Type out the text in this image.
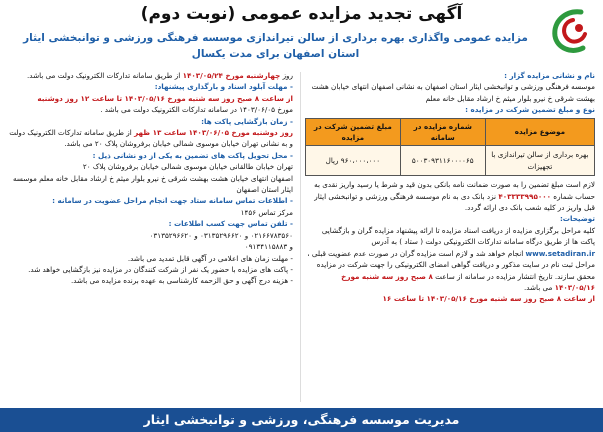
آگهی تجدید مزایده عمومی (نوبت دوم)
مزایده عمومی واگذاری بهره برداری از سالن تیراندازی موسسه فرهنگی ورزشی و توانبخشی ایثار استان اصفهان برای مدت یکسال
نام و نشانی مزایده گزار :

موسسه فرهنگی ورزشی و توانبخشی ایثار استان اصفهان به نشانی اصفهان انتهای خیابان هشت بهشت شرقی خ نیرو بلوار میثم خ ارشاد مقابل خانه معلم

نوع و مبلغ تضمین شرکت در مزایده :
موضوع مزایده	شماره مزایده در سامانه	مبلغ تضمین شرکت در مزایده
بهره برداری از سالن تیراندازی با تجهیزات	۵۰۰۳۰۹۳۱۱۶۰۰۰۰۶۵	۹۶۰،۰۰۰،۰۰۰ ریال

لازم است مبلغ تضمین را به صورت ضمانت نامه بانکی بدون قید و شرط یا رسید واریز نقدی به حساب شماره ۴۰۳۳۳۳۹۹۵۰۰۰ نزد بانک دی به نام موسسه فرهنگی ورزشی و توانبخشی ایثار قبل واریز در کلیه شعب بانک دی ارائه گردد.

توضیحات:

کلیه مراحل برگزاری مزایده از دریافت اسناد مزایده تا ارائه پیشنهاد مزایده گران و بازگشایی پاکت ها از طریق درگاه سامانه تدارکات الکترونیکی دولت ( ستاد ) به آدرس www.setadiran.ir انجام خواهد شد و لازم است مزایده گران در صورت عدم عضویت قبلی ، مراحل ثبت نام در سایت مذکور و دریافت گواهی امضای الکترونیکی را جهت شرکت در مزایده محقق سازند. تاریخ انتشار مزایده در سامانه از ساعت ۸ صبح روز سه شنبه مورخ ۱۴۰۳/۰۵/۱۶ می باشد.

از ساعت ۸ صبح روز سه شنبه مورخ ۱۴۰۳/۰۵/۱۶ تا ساعت ۱۶

روز چهارشنبه مورخ ۱۴۰۳/۰۵/۲۴ از طریق سامانه تدارکات الکترونیک دولت می باشد.

- مهلت آبلود اسناد و بارگذاری پیشنهاد:

از ساعت ۸ صبح روز سه شنبه مورخ ۱۴۰۳/۰۵/۱۶ تا ساعت ۱۲ روز دوشنبه

مورخ ۱۴۰۳/۰۶/۰۵ در سامانه تدارکات الکترونیک دولت می باشد .

- زمان بازگشایی پاکت ها:

روز دوشنبه مورخ ۱۴۰۳/۰۶/۰۵ ساعت ۱۳ ظهر از طریق سامانه تدارکات الکترونیک دولت و به نشانی تهران خیابان موسوی شمالی خیابان برفروشان پلاک ۲۰ می باشد.

- محل تحویل پاکت های تضمین به یکی از دو نشانی ذیل :

تهران خیابان طالقانی خیابان موسوی شمالی خیابان برفروشان پلاک ۲۰

اصفهان انتهای خیابان هشت بهشت شرقی خ نیرو بلوار میثم خ ارشاد مقابل خانه معلم موسسه ایثار استان اصفهان

- اطلاعات تماس سامانه ستاد جهت انجام مراحل عضویت در سامانه :

مرکز تماس ۱۴۵۶

- تلفن تماس جهت کسب اطلاعات :

۰۲۱۶۶۷۸۳۵۶۰ و ۰۳۱۳۵۲۹۶۶۲۰ و ۰۳۱۳۵۲۹۶۶۲۰

و ۰۹۱۳۴۱۱۵۸۸۳

- مهلت زمان های اعلامی در آگهی قابل تمدید می باشد.

- پاکت های مزایده با حضور یک نفر از شرکت کنندگان در مزایده نیز بازگشایی خواهد شد.

- هزینه درج آگهی و حق الزحمه کارشناسی به عهده برنده مزایده می باشد.

مدیریت موسسه فرهنگی، ورزشی و توانبخشی ایثار
